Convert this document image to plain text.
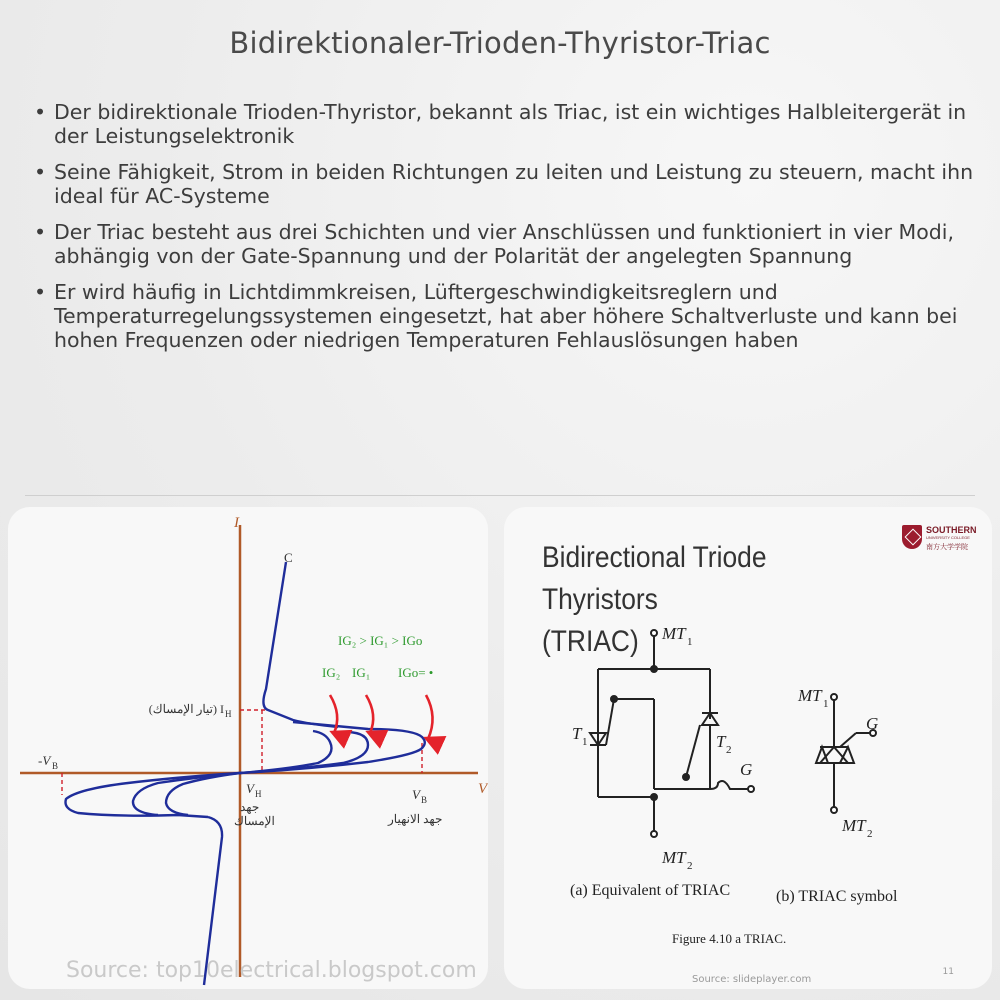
Bidirektionaler-Trioden-Thyristor-Triac
• Der bidirektionale Trioden-Thyristor, bekannt als Triac, ist ein wichtiges Halbleitergerät in der Leistungselektronik
• Seine Fähigkeit, Strom in beiden Richtungen zu leiten und Leistung zu steuern, macht ihn ideal für AC-Systeme
• Der Triac besteht aus drei Schichten und vier Anschlüssen und funktioniert in vier Modi, abhängig von der Gate-Spannung und der Polarität der angelegten Spannung
• Er wird häufig in Lichtdimmkreisen, Lüftergeschwindigkeitsreglern und Temperaturregelungssystemen eingesetzt, hat aber höhere Schaltverluste und kann bei hohen Frequenzen oder niedrigen Temperaturen Fehlauslösungen haben
I
V
C
IG₂ > IG₁ > IGo
IG₂ IG₁ IGo= •
(تيار الإمساك) I H
-V B
V H
جهد
الإمساك
V B
جهد الانهيار
Source: top10electrical.blogspot.com
Bidirectional Triode Thyristors
(TRIAC)
SOUTHERN
UNIVERSITY COLLEGE
南方大学学院
MT 1
T 1	T 2
G
MT 2
MT 1
G
MT 2
(a) Equivalent of TRIAC	(b) TRIAC symbol
Figure 4.10 a TRIAC.
Source: slideplayer.com
11
